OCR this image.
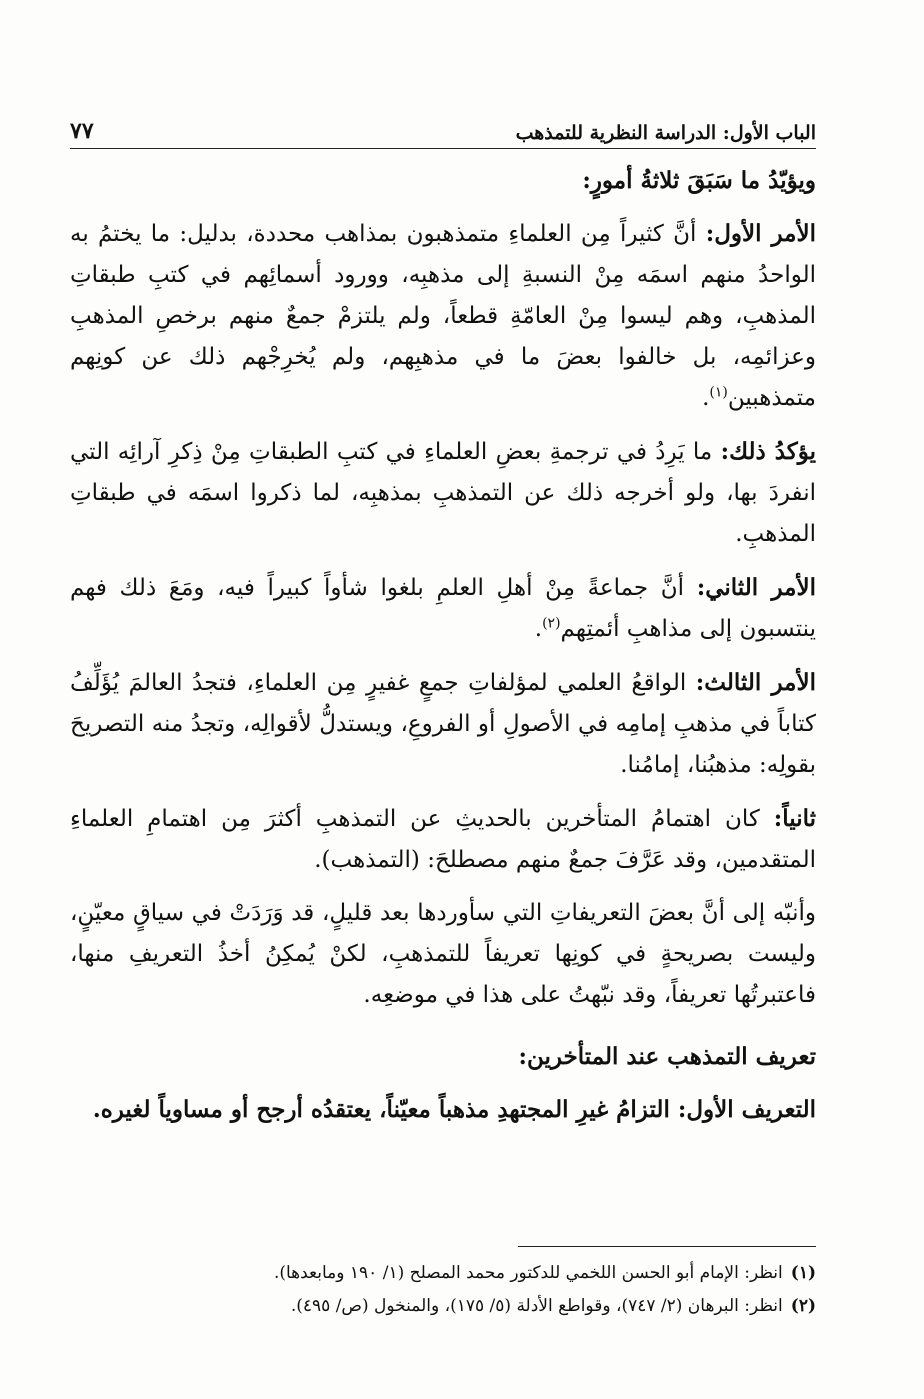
الباب الأول: الدراسة النظرية للتمذهب
٧٧

ويؤيّدُ ما سَبَقَ ثلاثةُ أمورٍ:

الأمر الأول: أنَّ كثيراً مِن العلماءِ متمذهبون بمذاهب محددة، بدليل: ما يختمُ به الواحدُ منهم اسمَه مِنْ النسبةِ إلى مذهبِه، وورود أسمائِهم في كتبِ طبقاتِ المذهبِ، وهم ليسوا مِنْ العامّةِ قطعاً، ولم يلتزمْ جمعٌ منهم برخصِ المذهبِ وعزائمِه، بل خالفوا بعضَ ما في مذهبِهم، ولم يُخرِجْهم ذلك عن كونِهم متمذهبين$^{(١)}$.

يؤكدُ ذلك: ما يَرِدُ في ترجمةِ بعضِ العلماءِ في كتبِ الطبقاتِ مِنْ ذِكرِ آرائِه التي انفردَ بها، ولو أخرجه ذلك عن التمذهبِ بمذهبِه، لما ذكروا اسمَه في طبقاتِ المذهبِ.

الأمر الثاني: أنَّ جماعةً مِنْ أهلِ العلمِ بلغوا شأواً كبيراً فيه، ومَعَ ذلك فهم ينتسبون إلى مذاهبِ أئمتِهم$^{(٢)}$.

الأمر الثالث: الواقعُ العلمي لمؤلفاتِ جمعٍ غفيرٍ مِن العلماءِ، فتجدُ العالمَ يُؤَلِّفُ كتاباً في مذهبِ إمامِه في الأصولِ أو الفروعِ، ويستدلُّ لأقوالِه، وتجدُ منه التصريحَ بقولِه: مذهبُنا، إمامُنا.

ثانياً: كان اهتمامُ المتأخرين بالحديثِ عن التمذهبِ أكثرَ مِن اهتمامِ العلماءِ المتقدمين، وقد عَرَّفَ جمعٌ منهم مصطلحَ: (التمذهب).

وأنبّه إلى أنَّ بعضَ التعريفاتِ التي سأوردها بعد قليلٍ، قد وَرَدَتْ في سياقٍ معيّنٍ، وليست بصريحةٍ في كونِها تعريفاً للتمذهبِ، لكنْ يُمكِنُ أخذُ التعريفِ منها، فاعتبرتُها تعريفاً، وقد نبّهتُ على هذا في موضعِه.

تعريف التمذهب عند المتأخرين:

التعريف الأول: التزامُ غيرِ المجتهدِ مذهباً معيّناً، يعتقدُه أرجح أو مساوياً لغيره.

(١)انظر: الإمام أبو الحسن اللخمي للدكتور محمد المصلح (١/ ١٩٠ ومابعدها).

(٢)انظر: البرهان (٢/ ٧٤٧)، وقواطع الأدلة (٥/ ١٧٥)، والمنخول (ص/ ٤٩٥).
